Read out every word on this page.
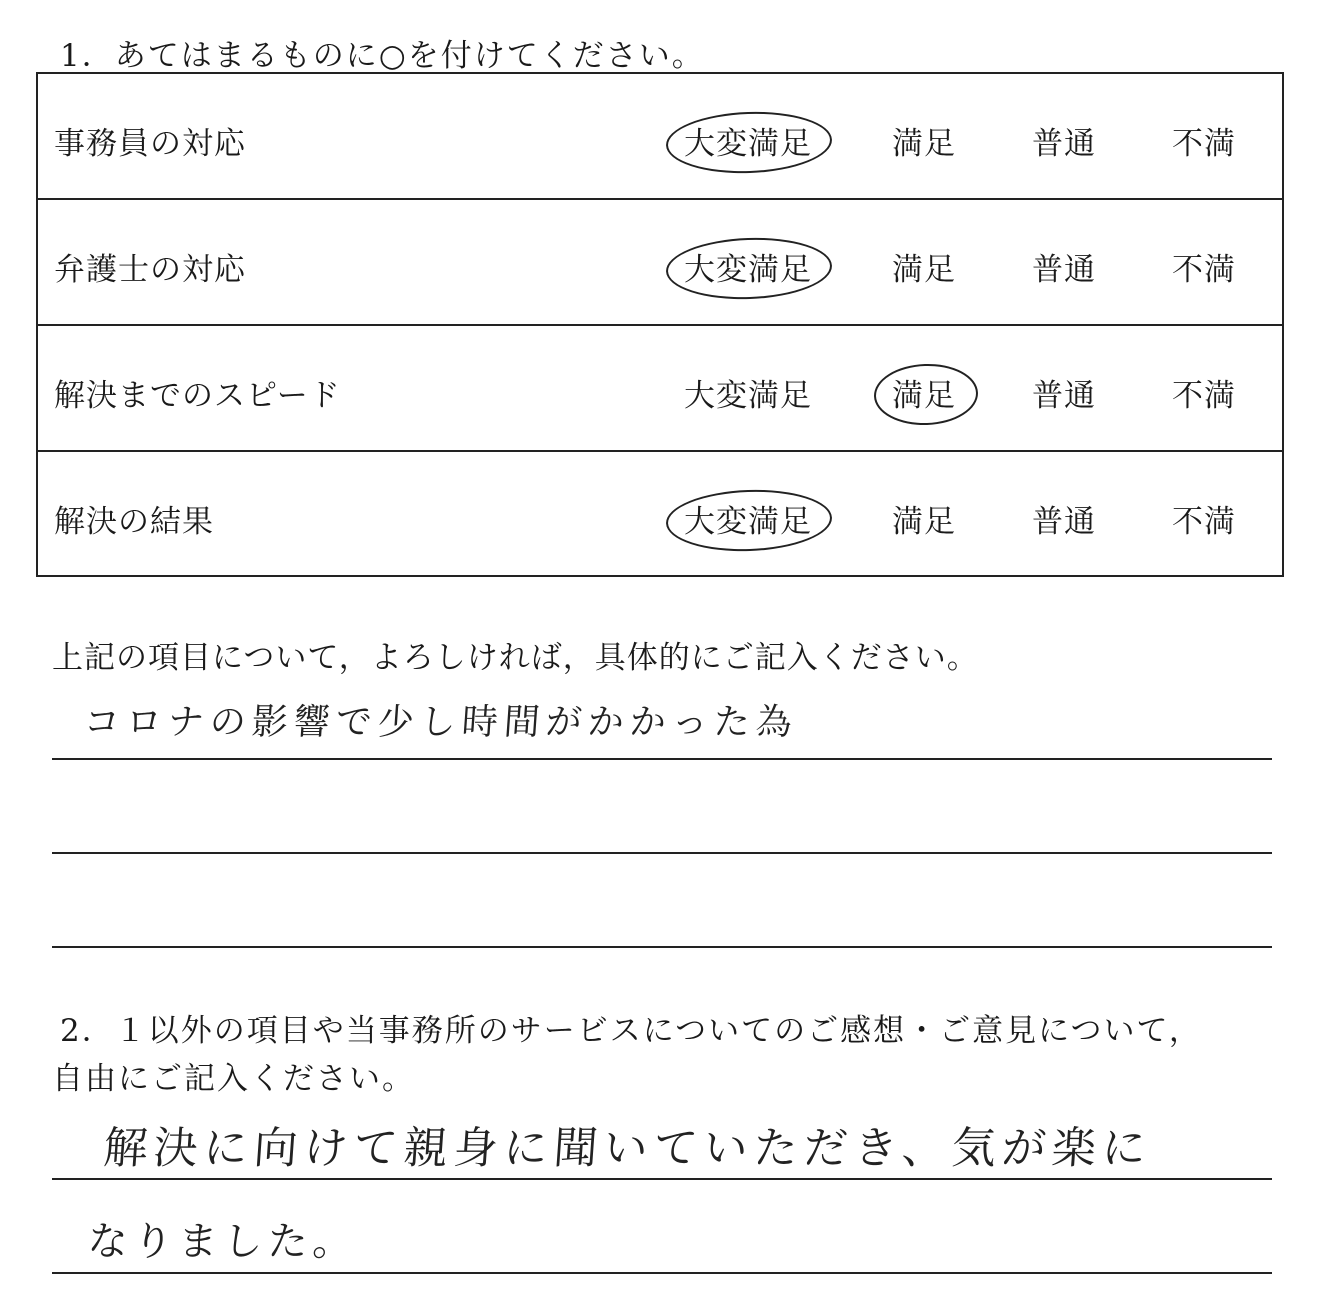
1．あてはまるものに○を付けてください。
事務員の対応	大変満足	満足 普通 不満
弁護士の対応	大変満足	満足 普通 不満
解決までのスピード	大変満足	満足 普通 不満
解決の結果	大変満足	満足 普通 不満
上記の項目について，よろしければ，具体的にご記入ください。
コロナの影響で少し時間がかかった為
2．１以外の項目や当事務所のサービスについてのご感想・ご意見について，
自由にご記入ください。
解決に向けて親身に聞いていただき、気が楽に
なりました。
